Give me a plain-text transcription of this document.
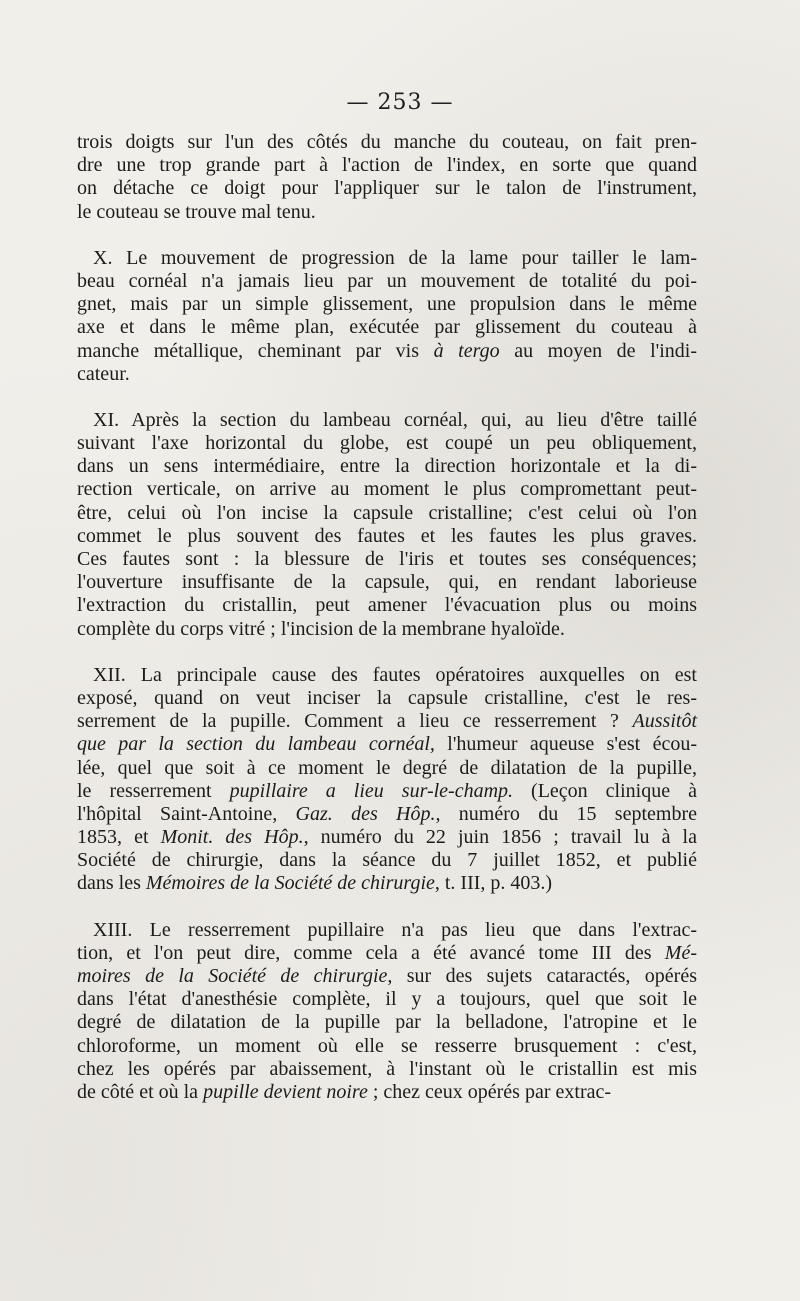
— 253 —
trois doigts sur l'un des côtés du manche du couteau, on fait pren-
dre une trop grande part à l'action de l'index, en sorte que quand
on détache ce doigt pour l'appliquer sur le talon de l'instrument,
le couteau se trouve mal tenu.
X. Le mouvement de progression de la lame pour tailler le lam-
beau cornéal n'a jamais lieu par un mouvement de totalité du poi-
gnet, mais par un simple glissement, une propulsion dans le même
axe et dans le même plan, exécutée par glissement du couteau à
manche métallique, cheminant par vis à tergo au moyen de l'indi-
cateur.
XI. Après la section du lambeau cornéal, qui, au lieu d'être taillé
suivant l'axe horizontal du globe, est coupé un peu obliquement,
dans un sens intermédiaire, entre la direction horizontale et la di-
rection verticale, on arrive au moment le plus compromettant peut-
être, celui où l'on incise la capsule cristalline; c'est celui où l'on
commet le plus souvent des fautes et les fautes les plus graves.
Ces fautes sont : la blessure de l'iris et toutes ses conséquences;
l'ouverture insuffisante de la capsule, qui, en rendant laborieuse
l'extraction du cristallin, peut amener l'évacuation plus ou moins
complète du corps vitré ; l'incision de la membrane hyaloïde.
XII. La principale cause des fautes opératoires auxquelles on est
exposé, quand on veut inciser la capsule cristalline, c'est le res-
serrement de la pupille. Comment a lieu ce resserrement ? Aussitôt
que par la section du lambeau cornéal, l'humeur aqueuse s'est écou-
lée, quel que soit à ce moment le degré de dilatation de la pupille,
le resserrement pupillaire a lieu sur-le-champ. (Leçon clinique à
l'hôpital Saint-Antoine, Gaz. des Hôp., numéro du 15 septembre
1853, et Monit. des Hôp., numéro du 22 juin 1856 ; travail lu à la
Société de chirurgie, dans la séance du 7 juillet 1852, et publié
dans les Mémoires de la Société de chirurgie, t. III, p. 403.)
XIII. Le resserrement pupillaire n'a pas lieu que dans l'extrac-
tion, et l'on peut dire, comme cela a été avancé tome III des Mé-
moires de la Société de chirurgie, sur des sujets cataractés, opérés
dans l'état d'anesthésie complète, il y a toujours, quel que soit le
degré de dilatation de la pupille par la belladone, l'atropine et le
chloroforme, un moment où elle se resserre brusquement : c'est,
chez les opérés par abaissement, à l'instant où le cristallin est mis
de côté et où la pupille devient noire ; chez ceux opérés par extrac-
